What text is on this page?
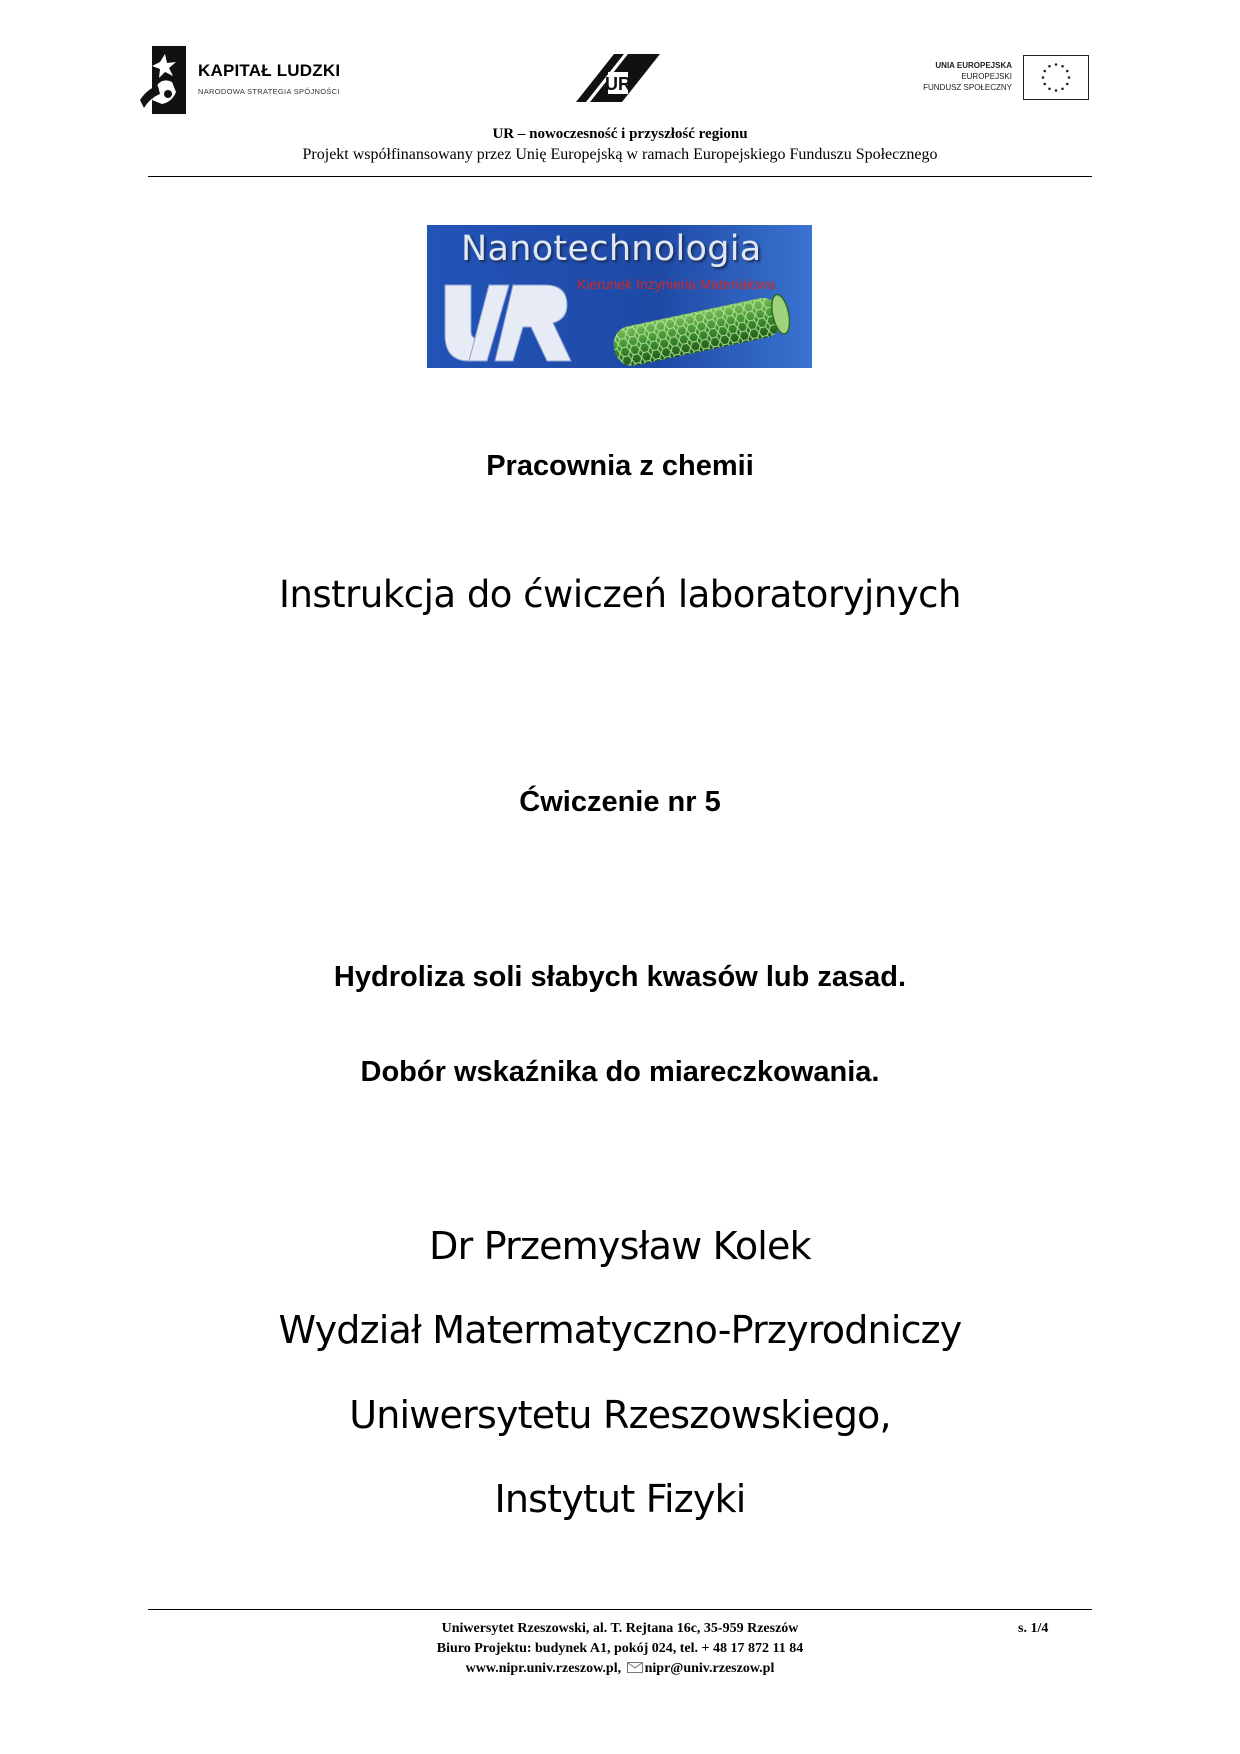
KAPITAŁ LUDZKI
NARODOWA STRATEGIA SPÓJNOŚCI	UR
UNIA EUROPEJSKA
EUROPEJSKI
FUNDUSZ SPOŁECZNY
UR – nowoczesność i przyszłość regionu
Projekt współfinansowany przez Unię Europejską w ramach Europejskiego Funduszu Społecznego
Nanotechnologia
Kierunek Inżynieria Materiałowa
Pracownia z chemii
Instrukcja do ćwiczeń laboratoryjnych
Ćwiczenie nr 5
Hydroliza soli słabych kwasów lub zasad.
Dobór wskaźnika do miareczkowania.
Dr Przemysław Kolek
Wydział Matermatyczno-Przyrodniczy
Uniwersytetu Rzeszowskiego,
Instytut Fizyki
Uniwersytet Rzeszowski, al. T. Rejtana 16c, 35-959 Rzeszów
Biuro Projektu: budynek A1, pokój 024, tel. + 48 17 872 11 84
www.nipr.univ.rzeszow.pl, nipr@univ.rzeszow.pl
s. 1/4
